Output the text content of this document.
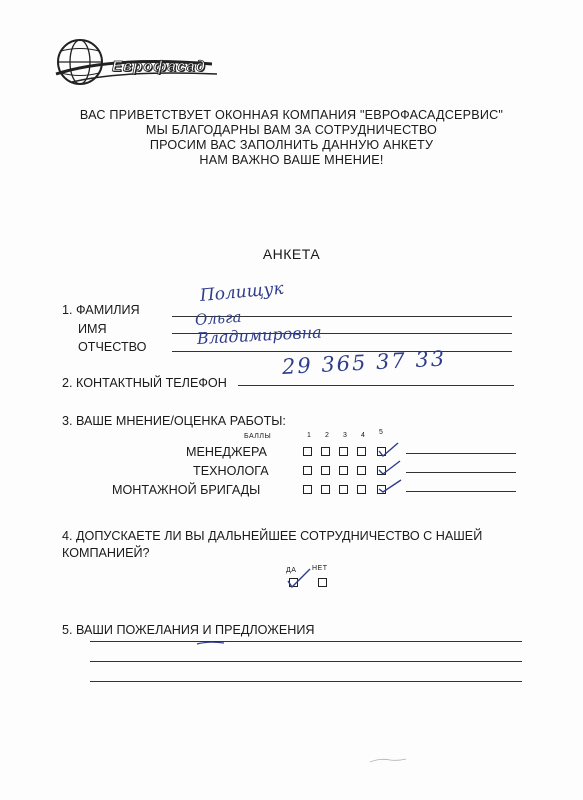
Еврофасад
ВАС ПРИВЕТСТВУЕТ ОКОННАЯ КОМПАНИЯ "ЕВРОФАСАДСЕРВИС"
МЫ БЛАГОДАРНЫ ВАМ ЗА СОТРУДНИЧЕСТВО
ПРОСИМ ВАС ЗАПОЛНИТЬ ДАННУЮ АНКЕТУ
НАМ ВАЖНО ВАШЕ МНЕНИЕ!
АНКЕТА
1. ФАМИЛИЯ
Полищук
ИМЯ
Ольга
ОТЧЕСТВО	Владимировна
2. КОНТАКТНЫЙ ТЕЛЕФОН
29 365 37 33
3. ВАШЕ МНЕНИЕ/ОЦЕНКА РАБОТЫ:
БАЛЛЫ	1 2 3 4 5
МЕНЕДЖЕРА
ТЕХНОЛОГА
МОНТАЖНОЙ БРИГАДЫ
4. ДОПУСКАЕТЕ ЛИ ВЫ ДАЛЬНЕЙШЕЕ СОТРУДНИЧЕСТВО С НАШЕЙ
КОМПАНИЕЙ?
ДА НЕТ
5. ВАШИ ПОЖЕЛАНИЯ И ПРЕДЛОЖЕНИЯ
